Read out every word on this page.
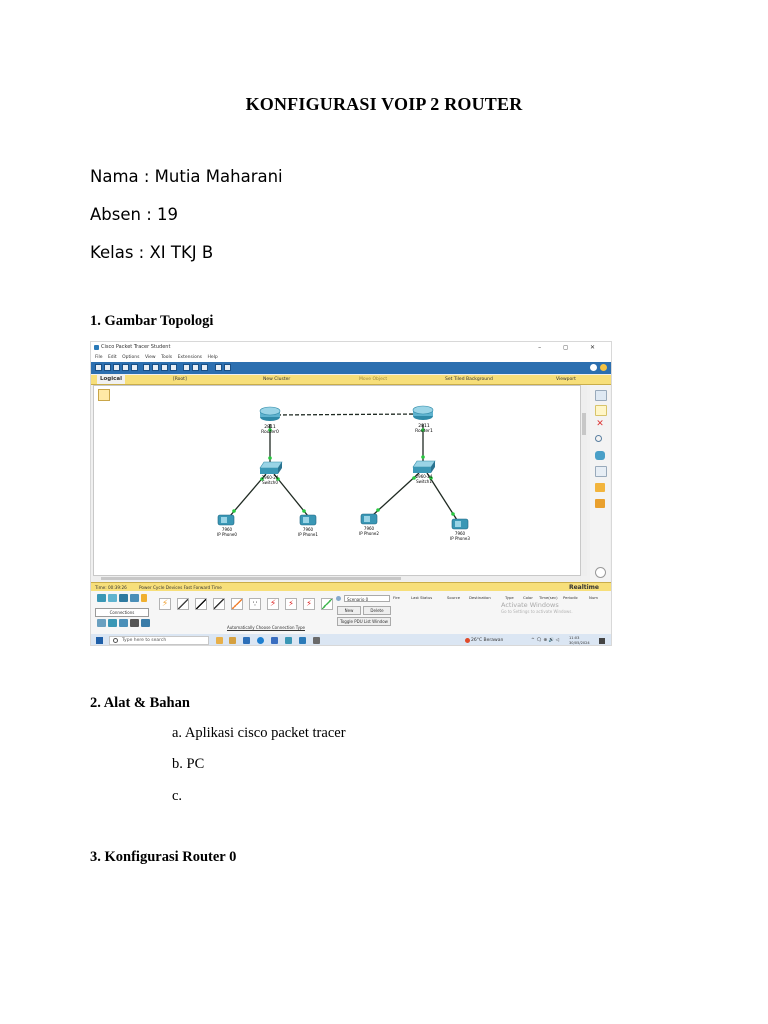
KONFIGURASI VOIP 2 ROUTER
Nama : Mutia Maharani
Absen : 19
Kelas : XI TKJ B
1. Gambar Topologi
Cisco Packet Tracer Student	– ◻ ✕
File Edit Options View Tools Extensions Help
Logical	[Root]	New Cluster	Move Object	Set Tiled Background	Viewport
2811
Router0
2811
Router1
2960-24
Switch0
2960-24
Switch1
7960
IP Phone0
7960
IP Phone1
7960
IP Phone2	7960
IP Phone3
✕
Time: 00:39:26	Power Cycle Devices Fast Forward Time	Realtime
Connections
⚡	∵	⚡	⚡	⚡
Automatically Choose Connection Type
Scenario 0
New	Delete
Toggle PDU List Window
Fire	Last Status	Source Destination	Type Color Time(sec) Periodic	Num
Activate Windows
Go to Settings to activate Windows.
Type here to search	26°C Berawan	^ 🗨 ⊕ 🔊 ◁	11:03
30/05/2024
2. Alat & Bahan
a. Aplikasi cisco packet tracer
b. PC
c.
3. Konfigurasi Router 0
